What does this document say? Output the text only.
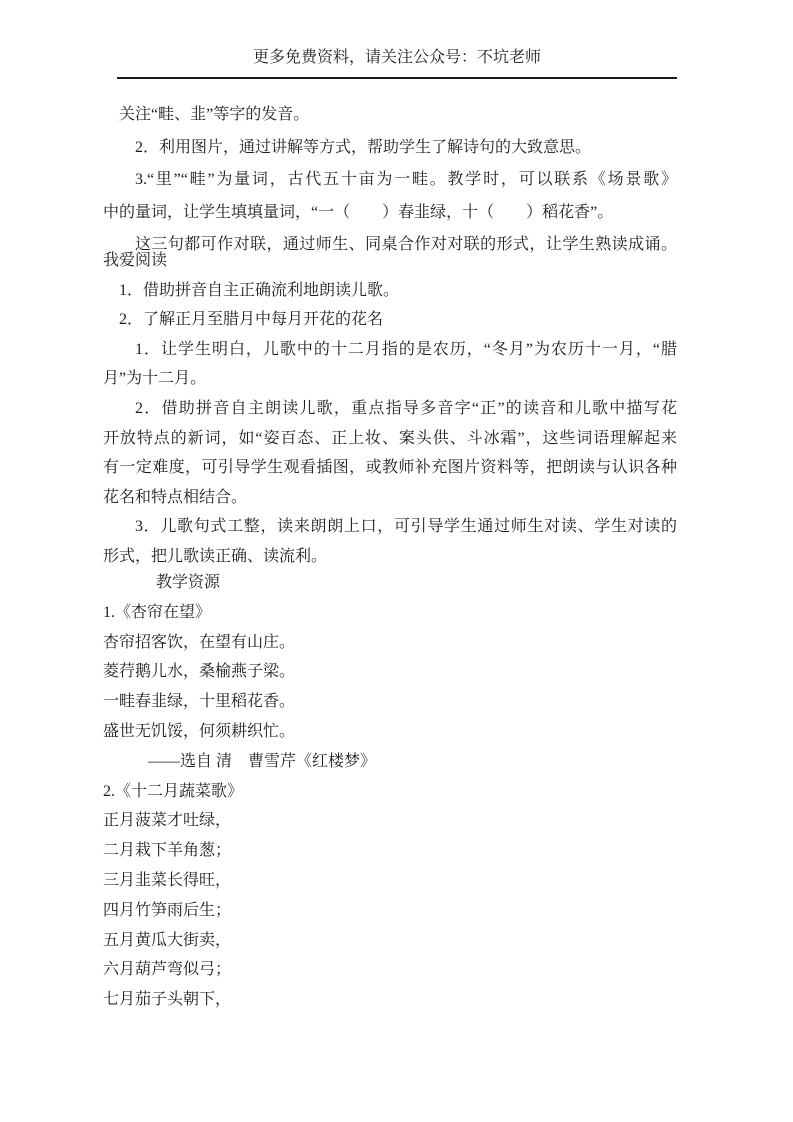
更多免费资料，请关注公众号：不坑老师
关注“畦、韭”等字的发音。
2．利用图片，通过讲解等方式，帮助学生了解诗句的大致意思。
3.“里”“畦”为量词，古代五十亩为一畦。教学时，可以联系《场景歌》
中的量词，让学生填填量词，“一（　　）春韭绿，十（　　）稻花香”。
这三句都可作对联，通过师生、同桌合作对对联的形式，让学生熟读成诵。
我爱阅读
1．借助拼音自主正确流利地朗读儿歌。
2．了解正月至腊月中每月开花的花名
1．让学生明白，儿歌中的十二月指的是农历，“冬月”为农历十一月，“腊
月”为十二月。
2．借助拼音自主朗读儿歌，重点指导多音字“正”的读音和儿歌中描写花
开放特点的新词，如“姿百态、正上妆、案头供、斗冰霜”，这些词语理解起来
有一定难度，可引导学生观看插图，或教师补充图片资料等，把朗读与认识各种
花名和特点相结合。
3．儿歌句式工整，读来朗朗上口，可引导学生通过师生对读、学生对读的
形式，把儿歌读正确、读流利。
教学资源
1.《杏帘在望》
杏帘招客饮，在望有山庄。
菱荇鹅儿水，桑榆燕子梁。
一畦春韭绿，十里稻花香。
盛世无饥馁，何须耕织忙。
——选自 清　曹雪芹《红楼梦》
2.《十二月蔬菜歌》
正月菠菜才吐绿，
二月栽下羊角葱；
三月韭菜长得旺，
四月竹笋雨后生；
五月黄瓜大街卖，
六月葫芦弯似弓；
七月茄子头朝下，
